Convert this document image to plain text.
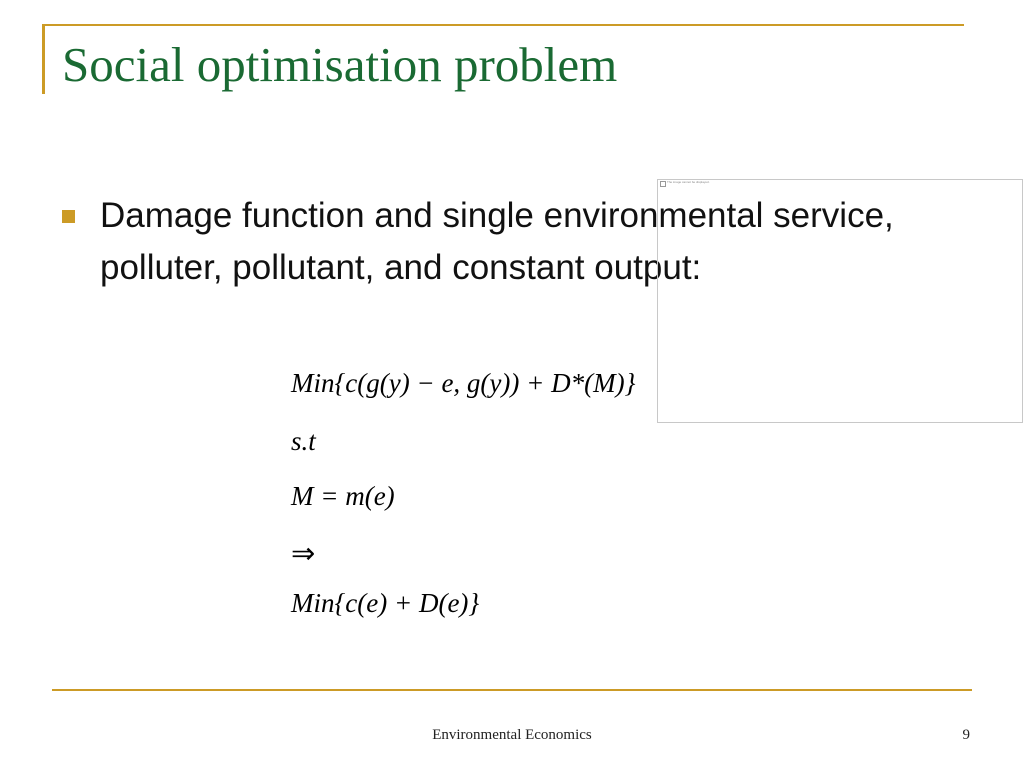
Social optimisation problem
Damage function and single environmental service, polluter, pollutant, and constant output:
The image cannot be displayed.
Min{c(g(y) − e, g(y)) + D*(M)}
s.t
M = m(e)
⇒
Min{c(e) + D(e)}
Environmental Economics	9
